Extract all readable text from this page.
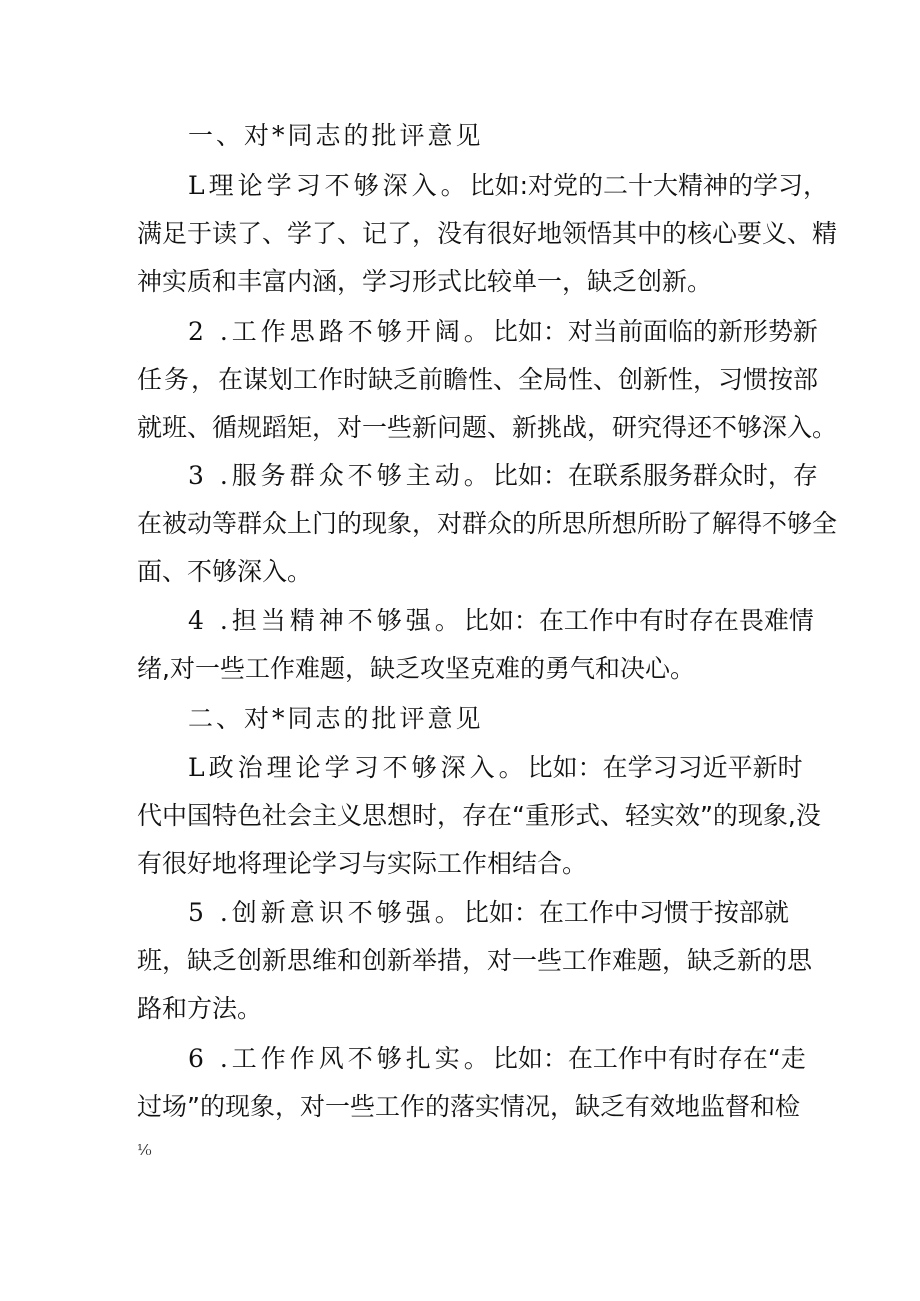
一、对*同志的批评意见
L理论学习不够深入。比如:对党的二十大精神的学习，
满足于读了、学了、记了，没有很好地领悟其中的核心要义、精
神实质和丰富内涵，学习形式比较单一，缺乏创新。
2 .工作思路不够开阔。比如：对当前面临的新形势新
任务，在谋划工作时缺乏前瞻性、全局性、创新性，习惯按部
就班、循规蹈矩，对一些新问题、新挑战，研究得还不够深入。
3 .服务群众不够主动。比如：在联系服务群众时，存
在被动等群众上门的现象，对群众的所思所想所盼了解得不够全
面、不够深入。
4 .担当精神不够强。比如：在工作中有时存在畏难情
绪,对一些工作难题，缺乏攻坚克难的勇气和决心。
二、对*同志的批评意见
L政治理论学习不够深入。比如：在学习习近平新时
代中国特色社会主义思想时，存在“重形式、轻实效”的现象,没
有很好地将理论学习与实际工作相结合。
5 .创新意识不够强。比如：在工作中习惯于按部就
班，缺乏创新思维和创新举措，对一些工作难题，缺乏新的思
路和方法。
6 .工作作风不够扎实。比如：在工作中有时存在“走
过场”的现象，对一些工作的落实情况，缺乏有效地监督和检
⅟₀
